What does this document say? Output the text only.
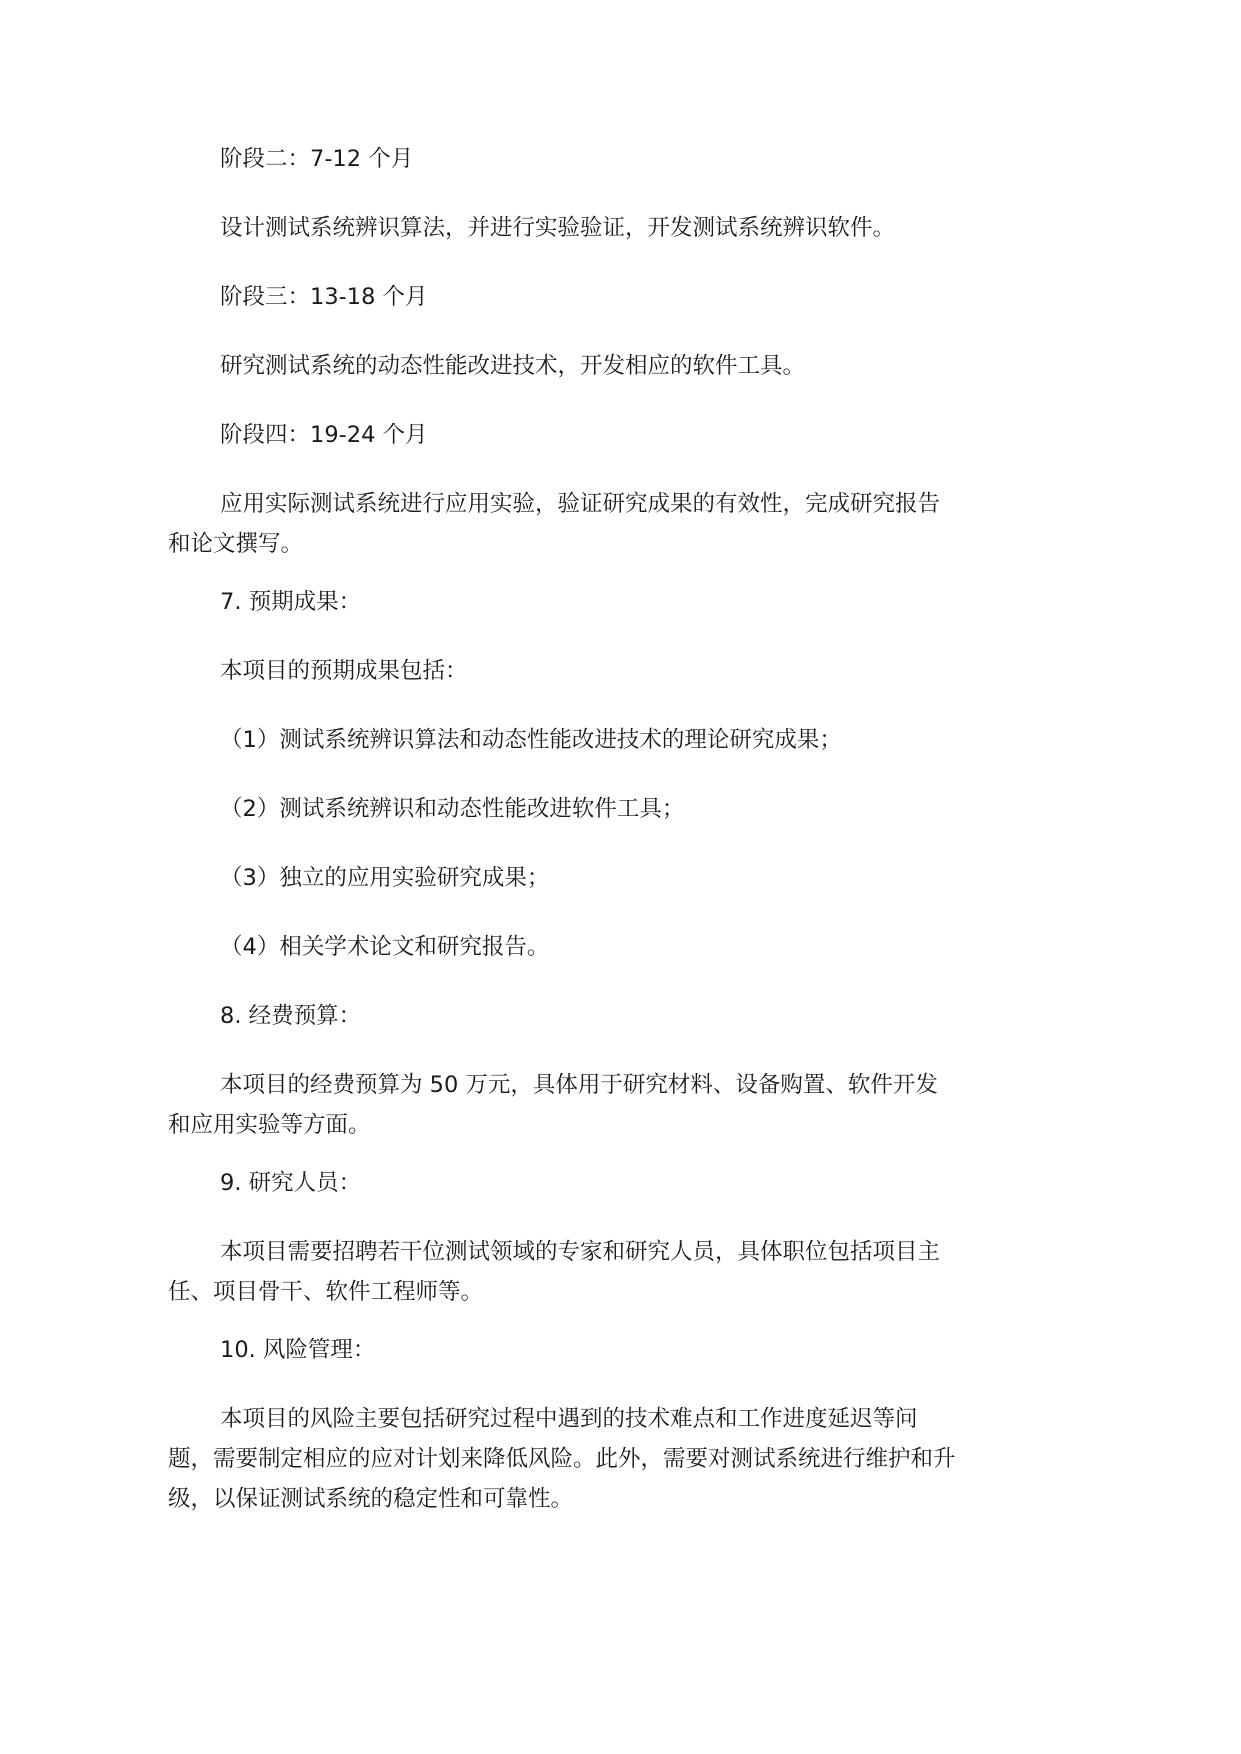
阶段二：7-12 个月

设计测试系统辨识算法，并进行实验验证，开发测试系统辨识软件。

阶段三：13-18 个月

研究测试系统的动态性能改进技术，开发相应的软件工具。

阶段四：19-24 个月

应用实际测试系统进行应用实验，验证研究成果的有效性，完成研究报告和论文撰写。

7. 预期成果：

本项目的预期成果包括：

（1）测试系统辨识算法和动态性能改进技术的理论研究成果；

（2）测试系统辨识和动态性能改进软件工具；

（3）独立的应用实验研究成果；

（4）相关学术论文和研究报告。

8. 经费预算：

本项目的经费预算为 50 万元，具体用于研究材料、设备购置、软件开发和应用实验等方面。

9. 研究人员：

本项目需要招聘若干位测试领域的专家和研究人员，具体职位包括项目主任、项目骨干、软件工程师等。

10. 风险管理：

本项目的风险主要包括研究过程中遇到的技术难点和工作进度延迟等问题，需要制定相应的应对计划来降低风险。此外，需要对测试系统进行维护和升级，以保证测试系统的稳定性和可靠性。
